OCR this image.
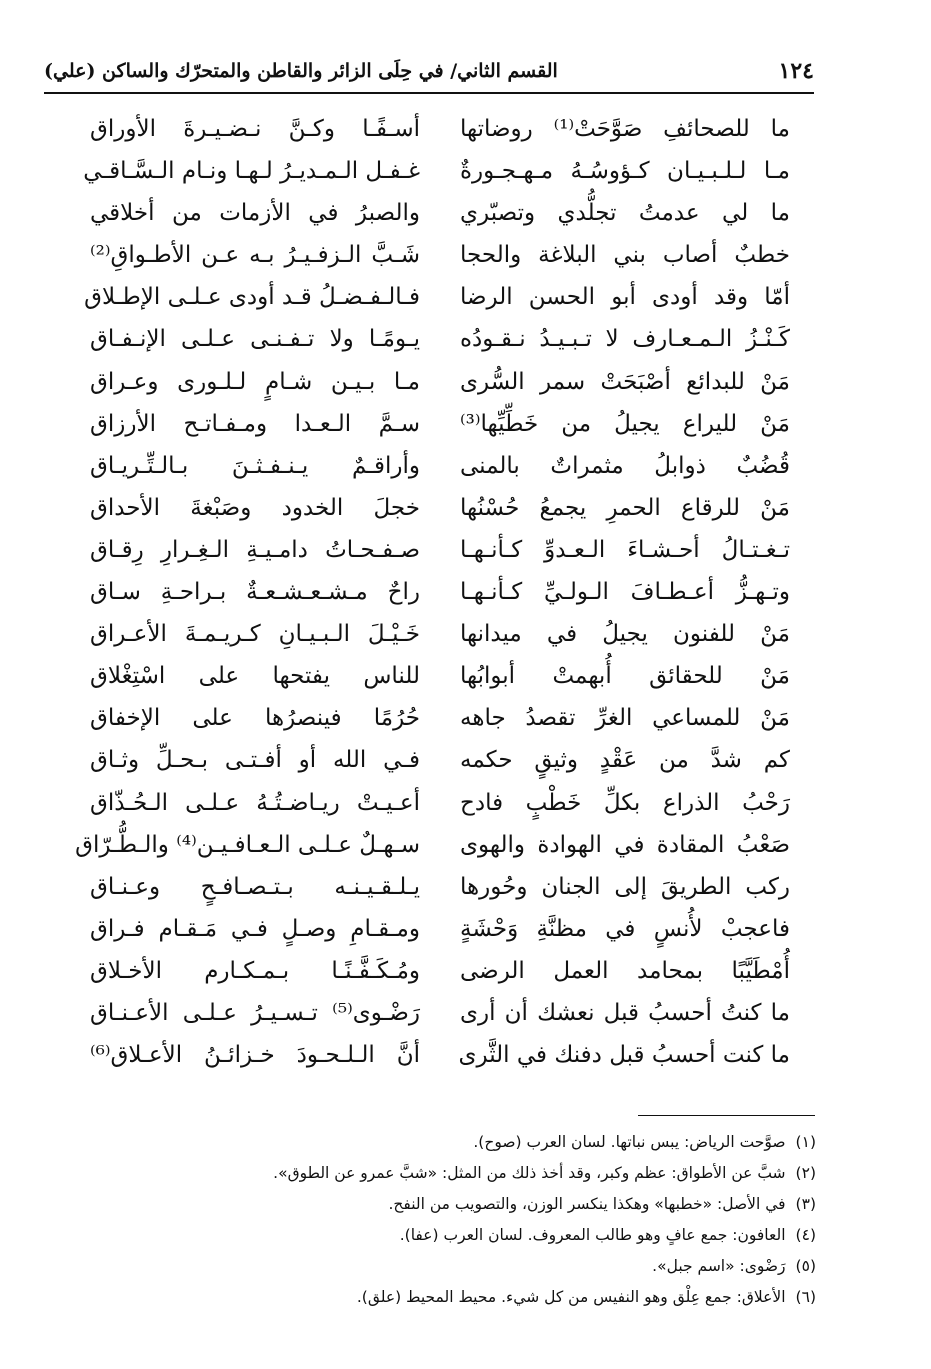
١٢٤
القسم الثاني/ في حِلَى الزائر والقاطن والمتحرّك والساكن (علي)
ما للصحائفِ صَوَّحَتْ⁽¹⁾ روضاتها
أسـفًـا وكـنَّ نـضـيـرةَ الأوراق
مـا لـلـبـيـان كـؤوسُـهُ مـهـجـورةٌ
غـفـل الـمـديـرُ لـهـا ونـام الـسَّـاقـي
ما لي عدمتُ تجلُّدي وتصبّري
والصبرُ في الأزمات من أخلاقي
خطبٌ أصاب بني البلاغة والحجا
شَـبَّ الـزفـيـرُ بـه عـن الأطـواقِ⁽²⁾
أمّا وقد أودى أبو الحسن الرضا
فـالـفـضـلُ قـد أودى عـلـى الإطـلاق
كَـنْـزُ الـمـعـارف لا تـبـيـدُ نـقـودُه
يـومًـا ولا تـفـنـى عـلـى الإنـفـاق
مَنْ للبدائع أصْبَحَتْ سمر السُّرى
مـا بـيـن شـامٍ لـلـورى وعـراق
مَنْ لليراع يجيلُ من خَطِّيِّها⁽³⁾
سـمَّ الـعـدا ومـفـاتـح الأرزاق
قُضُبٌ ذوابلُ مثمراتٌ بالمنى
وأراقـمٌ يـنـفـثـنَ بـالـتِّـريـاق
مَنْ للرقاع الحمرِ يجمعُ حُسْنُها
خجلَ الخدود وصَبْغةَ الأحداق
تـغـتـالُ أحـشـاءَ الـعـدوِّ كـأنـهـا
صـفـحـاتُ دامـيـةِ الـغِـرارِ رِقـاق
وتـهـزُّ أعـطـافَ الـولـيِّ كـأنـهـا
راحٌ مـشـعـشـعـةٌ بـراحـةِ سـاق
مَنْ للفنون يجيلُ في ميدانها
خَـيْـلَ الـبـيـانِ كـريـمـةَ الأعـراق
مَنْ للحقائق أُبهمتْ أبوابُها
للناس يفتحها على اسْتِغْلاق
مَنْ للمساعي الغرِّ تقصدُ جاهه
حُرُمًا فينصرُها على الإخفاق
كم شدَّ من عَقْدٍ وثيقٍ حكمه
فـي الله أو أفـتـى بـحـلِّ وثـاق
رَحْبُ الذراع بكلِّ خَطْبٍ فادح
أعـيـتْ ريـاضـتُـهُ عـلـى الـحُـذّاق
صَعْبُ المقادة في الهوادة والهوى
سـهـلٌ عـلـى الـعـافـيـن⁽⁴⁾ والـطُّـرّاق
ركب الطريقَ إلى الجنان وحُورها
يـلـقـيـنـه بـتـصـافـحٍ وعـنـاق
فاعجبْ لأُنسٍ في مظنَّةِ وَحْشَةٍ
ومـقـامِ وصـلٍ فـي مَـقـام فـراق
أُمْطَيَّبًا بمحامد العمل الرضى
ومُـكَـفَّـنًـا بـمـكـارم الأخـلاق
ما كنتُ أحسبُ قبل نعشك أن أرى
رَضْـوى⁽⁵⁾ تـسـيـرُ عـلـى الأعـنـاق
ما كنت أحسبُ قبل دفنك في الثَّرى
أنَّ الـلـحـودَ خـزائـنُ الأعـلاق⁽⁶⁾
(١)صوَّحت الرياض: يبس نباتها. لسان العرب (صوح).
(٢)شبَّ عن الأطواق: عظم وكبر، وقد أخذ ذلك من المثل: «شبَّ عمرو عن الطوق».
(٣)في الأصل: «خطبها» وهكذا ينكسر الوزن، والتصويب من النفح.
(٤)العافون: جمع عافٍ وهو طالب المعروف. لسان العرب (عفا).
(٥)رَضْوى: «اسم جبل».
(٦)الأعلاق: جمع عِلْق وهو النفيس من كل شيء. محيط المحيط (علق).
